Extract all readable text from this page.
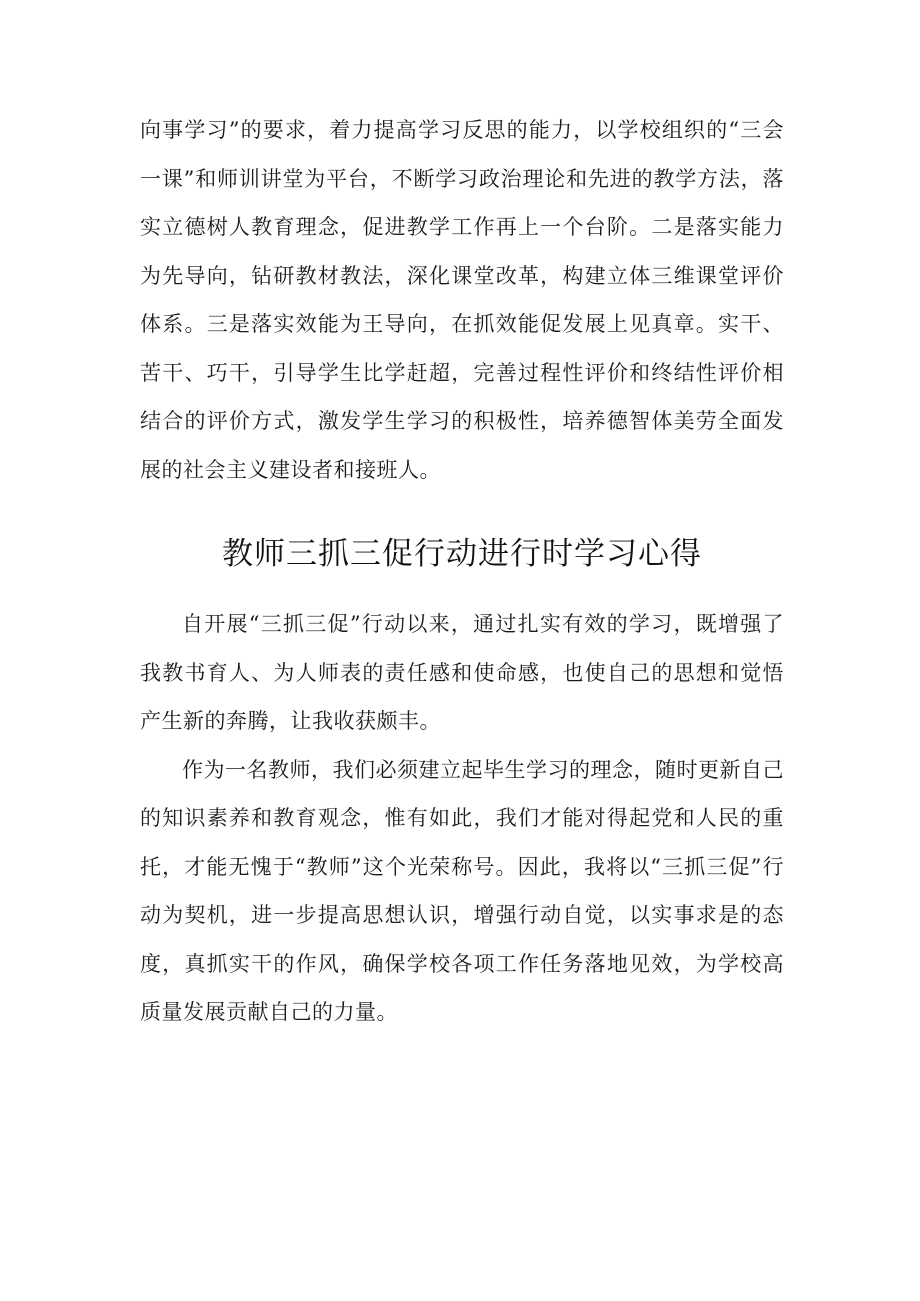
向事学习”的要求，着力提高学习反思的能力，以学校组织的“三会一课”和师训讲堂为平台，不断学习政治理论和先进的教学方法，落实立德树人教育理念，促进教学工作再上一个台阶。二是落实能力为先导向，钻研教材教法，深化课堂改革，构建立体三维课堂评价体系。三是落实效能为王导向，在抓效能促发展上见真章。实干、苦干、巧干，引导学生比学赶超，完善过程性评价和终结性评价相结合的评价方式，激发学生学习的积极性，培养德智体美劳全面发展的社会主义建设者和接班人。

教师三抓三促行动进行时学习心得

自开展“三抓三促”行动以来，通过扎实有效的学习，既增强了我教书育人、为人师表的责任感和使命感，也使自己的思想和觉悟产生新的奔腾，让我收获颇丰。

作为一名教师，我们必须建立起毕生学习的理念，随时更新自己的知识素养和教育观念，惟有如此，我们才能对得起党和人民的重托，才能无愧于“教师”这个光荣称号。因此，我将以“三抓三促”行动为契机，进一步提高思想认识，增强行动自觉，以实事求是的态度，真抓实干的作风，确保学校各项工作任务落地见效，为学校高质量发展贡献自己的力量。
